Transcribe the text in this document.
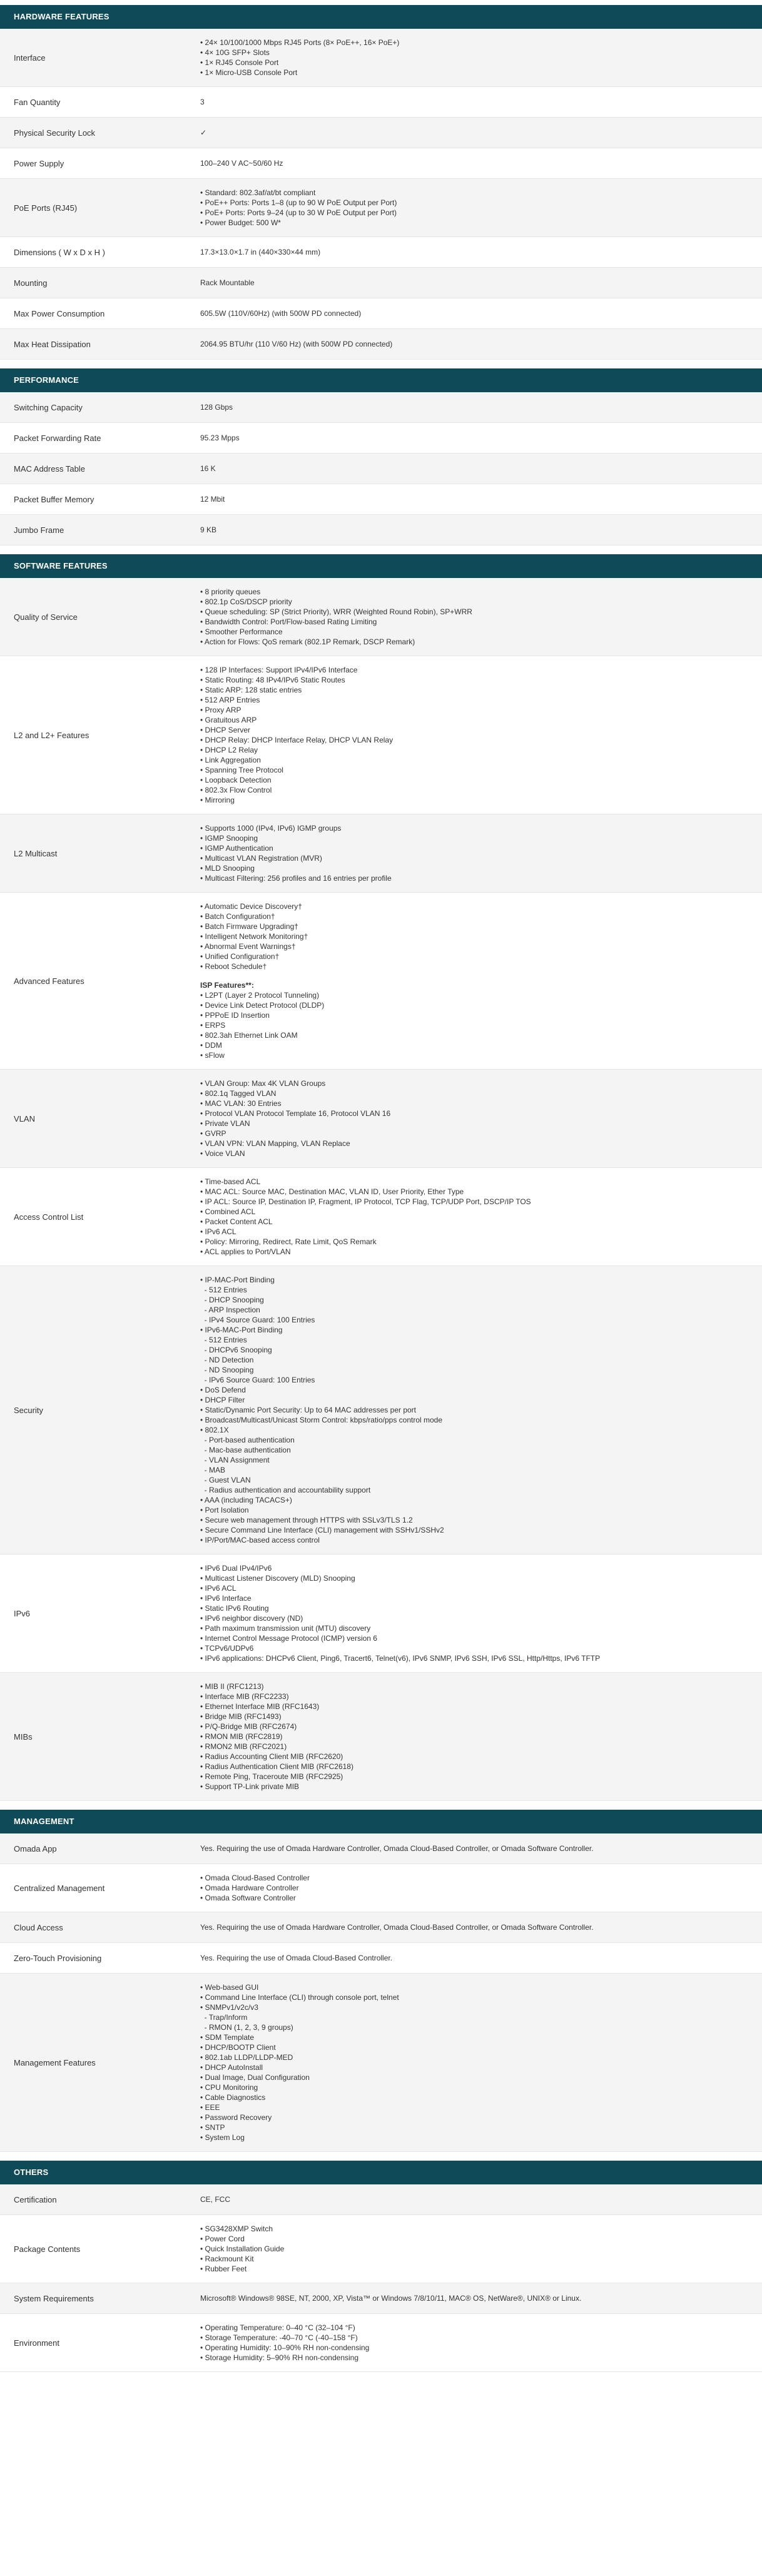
HARDWARE FEATURES
Interface
• 24× 10/100/1000 Mbps RJ45 Ports (8× PoE++, 16× PoE+)
• 4× 10G SFP+ Slots
• 1× RJ45 Console Port
• 1× Micro-USB Console Port
Fan Quantity	3
Physical Security Lock	✓
Power Supply	100–240 V AC~50/60 Hz
PoE Ports (RJ45)
• Standard: 802.3af/at/bt compliant
• PoE++ Ports: Ports 1–8 (up to 90 W PoE Output per Port)
• PoE+ Ports: Ports 9–24 (up to 30 W PoE Output per Port)
• Power Budget: 500 W*
Dimensions ( W x D x H )	17.3×13.0×1.7 in (440×330×44 mm)
Mounting	Rack Mountable
Max Power Consumption	605.5W (110V/60Hz) (with 500W PD connected)
Max Heat Dissipation	2064.95 BTU/hr (110 V/60 Hz) (with 500W PD connected)
PERFORMANCE
Switching Capacity	128 Gbps
Packet Forwarding Rate	95.23 Mpps
MAC Address Table	16 K
Packet Buffer Memory	12 Mbit
Jumbo Frame	9 KB
SOFTWARE FEATURES
Quality of Service
• 8 priority queues
• 802.1p CoS/DSCP priority
• Queue scheduling: SP (Strict Priority), WRR (Weighted Round Robin), SP+WRR
• Bandwidth Control: Port/Flow-based Rating Limiting
• Smoother Performance
• Action for Flows: QoS remark (802.1P Remark, DSCP Remark)
L2 and L2+ Features
• 128 IP Interfaces: Support IPv4/IPv6 Interface
• Static Routing: 48 IPv4/IPv6 Static Routes
• Static ARP: 128 static entries
• 512 ARP Entries
• Proxy ARP
• Gratuitous ARP
• DHCP Server
• DHCP Relay: DHCP Interface Relay, DHCP VLAN Relay
• DHCP L2 Relay
• Link Aggregation
• Spanning Tree Protocol
• Loopback Detection
• 802.3x Flow Control
• Mirroring
L2 Multicast
• Supports 1000 (IPv4, IPv6) IGMP groups
• IGMP Snooping
• IGMP Authentication
• Multicast VLAN Registration (MVR)
• MLD Snooping
• Multicast Filtering: 256 profiles and 16 entries per profile
Advanced Features
• Automatic Device Discovery†
• Batch Configuration†
• Batch Firmware Upgrading†
• Intelligent Network Monitoring†
• Abnormal Event Warnings†
• Unified Configuration†
• Reboot Schedule†
ISP Features**:
• L2PT (Layer 2 Protocol Tunneling)
• Device Link Detect Protocol (DLDP)
• PPPoE ID Insertion
• ERPS
• 802.3ah Ethernet Link OAM
• DDM
• sFlow
VLAN
• VLAN Group: Max 4K VLAN Groups
• 802.1q Tagged VLAN
• MAC VLAN: 30 Entries
• Protocol VLAN Protocol Template 16, Protocol VLAN 16
• Private VLAN
• GVRP
• VLAN VPN: VLAN Mapping, VLAN Replace
• Voice VLAN
Access Control List
• Time-based ACL
• MAC ACL: Source MAC, Destination MAC, VLAN ID, User Priority, Ether Type
• IP ACL: Source IP, Destination IP, Fragment, IP Protocol, TCP Flag, TCP/UDP Port, DSCP/IP TOS
• Combined ACL
• Packet Content ACL
• IPv6 ACL
• Policy: Mirroring, Redirect, Rate Limit, QoS Remark
• ACL applies to Port/VLAN
Security
• IP-MAC-Port Binding
- 512 Entries
- DHCP Snooping
- ARP Inspection
- IPv4 Source Guard: 100 Entries
• IPv6-MAC-Port Binding
- 512 Entries
- DHCPv6 Snooping
- ND Detection
- ND Snooping
- IPv6 Source Guard: 100 Entries
• DoS Defend
• DHCP Filter
• Static/Dynamic Port Security: Up to 64 MAC addresses per port
• Broadcast/Multicast/Unicast Storm Control: kbps/ratio/pps control mode
• 802.1X
- Port-based authentication
- Mac-base authentication
- VLAN Assignment
- MAB
- Guest VLAN
- Radius authentication and accountability support
• AAA (including TACACS+)
• Port Isolation
• Secure web management through HTTPS with SSLv3/TLS 1.2
• Secure Command Line Interface (CLI) management with SSHv1/SSHv2
• IP/Port/MAC-based access control
IPv6
• IPv6 Dual IPv4/IPv6
• Multicast Listener Discovery (MLD) Snooping
• IPv6 ACL
• IPv6 Interface
• Static IPv6 Routing
• IPv6 neighbor discovery (ND)
• Path maximum transmission unit (MTU) discovery
• Internet Control Message Protocol (ICMP) version 6
• TCPv6/UDPv6
• IPv6 applications: DHCPv6 Client, Ping6, Tracert6, Telnet(v6), IPv6 SNMP, IPv6 SSH, IPv6 SSL, Http/Https, IPv6 TFTP
MIBs
• MIB II (RFC1213)
• Interface MIB (RFC2233)
• Ethernet Interface MIB (RFC1643)
• Bridge MIB (RFC1493)
• P/Q-Bridge MIB (RFC2674)
• RMON MIB (RFC2819)
• RMON2 MIB (RFC2021)
• Radius Accounting Client MIB (RFC2620)
• Radius Authentication Client MIB (RFC2618)
• Remote Ping, Traceroute MIB (RFC2925)
• Support TP-Link private MIB
MANAGEMENT
Omada App	Yes. Requiring the use of Omada Hardware Controller, Omada Cloud-Based Controller, or Omada Software Controller.
Centralized Management
• Omada Cloud-Based Controller
• Omada Hardware Controller
• Omada Software Controller
Cloud Access	Yes. Requiring the use of Omada Hardware Controller, Omada Cloud-Based Controller, or Omada Software Controller.
Zero-Touch Provisioning	Yes. Requiring the use of Omada Cloud-Based Controller.
Management Features
• Web-based GUI
• Command Line Interface (CLI) through console port, telnet
• SNMPv1/v2c/v3
- Trap/Inform
- RMON (1, 2, 3, 9 groups)
• SDM Template
• DHCP/BOOTP Client
• 802.1ab LLDP/LLDP-MED
• DHCP AutoInstall
• Dual Image, Dual Configuration
• CPU Monitoring
• Cable Diagnostics
• EEE
• Password Recovery
• SNTP
• System Log
OTHERS
Certification	CE, FCC
Package Contents
• SG3428XMP Switch
• Power Cord
• Quick Installation Guide
• Rackmount Kit
• Rubber Feet
System Requirements	Microsoft® Windows® 98SE, NT, 2000, XP, Vista™ or Windows 7/8/10/11, MAC® OS, NetWare®, UNIX® or Linux.
Environment
• Operating Temperature: 0–40 °C (32–104 °F)
• Storage Temperature: -40–70 °C (-40–158 °F)
• Operating Humidity: 10–90% RH non-condensing
• Storage Humidity: 5–90% RH non-condensing
